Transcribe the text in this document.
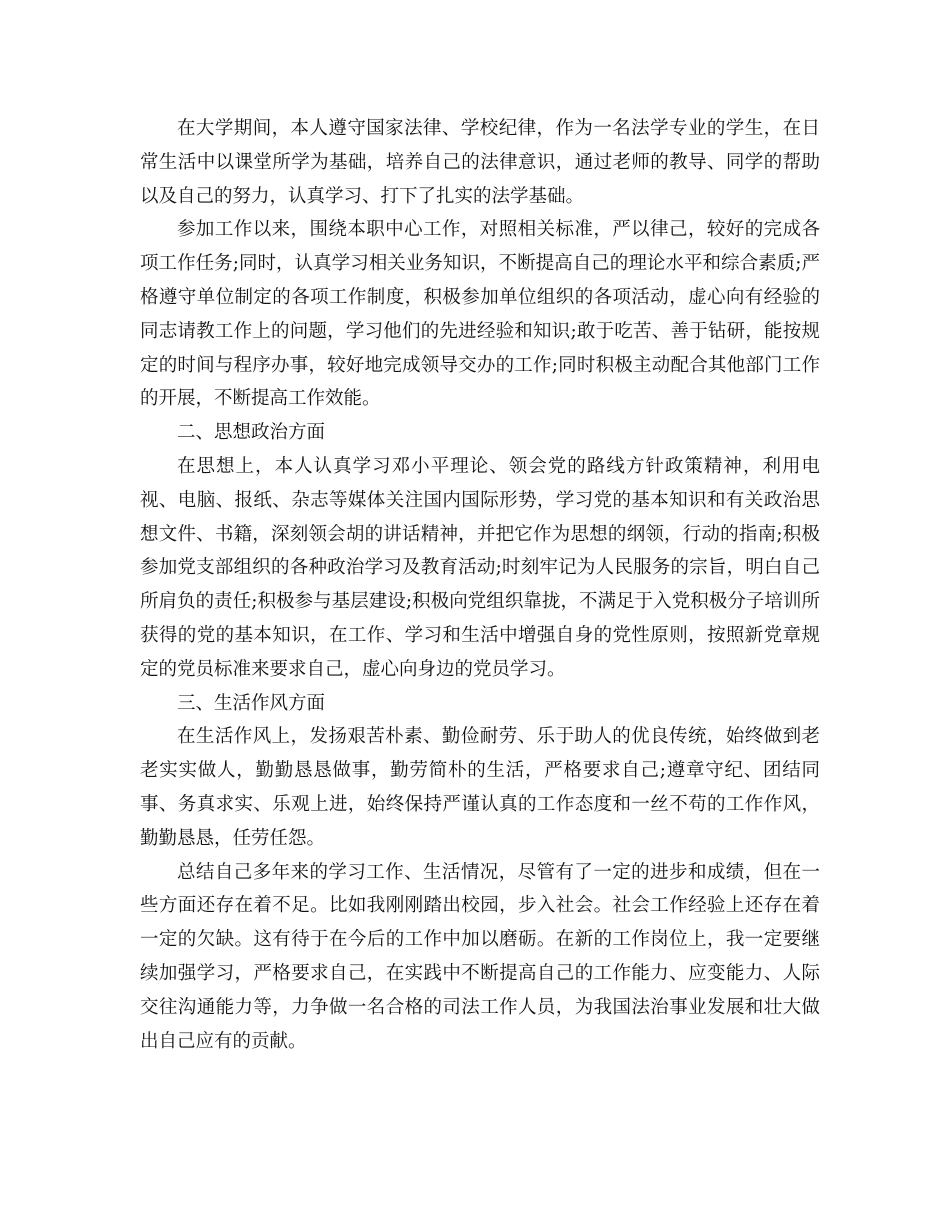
在大学期间，本人遵守国家法律、学校纪律，作为一名法学专业的学生，在日常生活中以课堂所学为基础，培养自己的法律意识，通过老师的教导、同学的帮助以及自己的努力，认真学习、打下了扎实的法学基础。

参加工作以来，围绕本职中心工作，对照相关标准，严以律己，较好的完成各项工作任务;同时，认真学习相关业务知识，不断提高自己的理论水平和综合素质;严格遵守单位制定的各项工作制度，积极参加单位组织的各项活动，虚心向有经验的同志请教工作上的问题，学习他们的先进经验和知识;敢于吃苦、善于钻研，能按规定的时间与程序办事，较好地完成领导交办的工作;同时积极主动配合其他部门工作的开展，不断提高工作效能。

二、思想政治方面

在思想上，本人认真学习邓小平理论、领会党的路线方针政策精神，利用电视、电脑、报纸、杂志等媒体关注国内国际形势，学习党的基本知识和有关政治思想文件、书籍，深刻领会胡的讲话精神，并把它作为思想的纲领，行动的指南;积极参加党支部组织的各种政治学习及教育活动;时刻牢记为人民服务的宗旨，明白自己所肩负的责任;积极参与基层建设;积极向党组织靠拢，不满足于入党积极分子培训所获得的党的基本知识，在工作、学习和生活中增强自身的党性原则，按照新党章规定的党员标准来要求自己，虚心向身边的党员学习。

三、生活作风方面

在生活作风上，发扬艰苦朴素、勤俭耐劳、乐于助人的优良传统，始终做到老老实实做人，勤勤恳恳做事，勤劳简朴的生活，严格要求自己;遵章守纪、团结同事、务真求实、乐观上进，始终保持严谨认真的工作态度和一丝不苟的工作作风，勤勤恳恳，任劳任怨。

总结自己多年来的学习工作、生活情况，尽管有了一定的进步和成绩，但在一些方面还存在着不足。比如我刚刚踏出校园，步入社会。社会工作经验上还存在着一定的欠缺。这有待于在今后的工作中加以磨砺。在新的工作岗位上，我一定要继续加强学习，严格要求自己，在实践中不断提高自己的工作能力、应变能力、人际交往沟通能力等，力争做一名合格的司法工作人员，为我国法治事业发展和壮大做出自己应有的贡献。
